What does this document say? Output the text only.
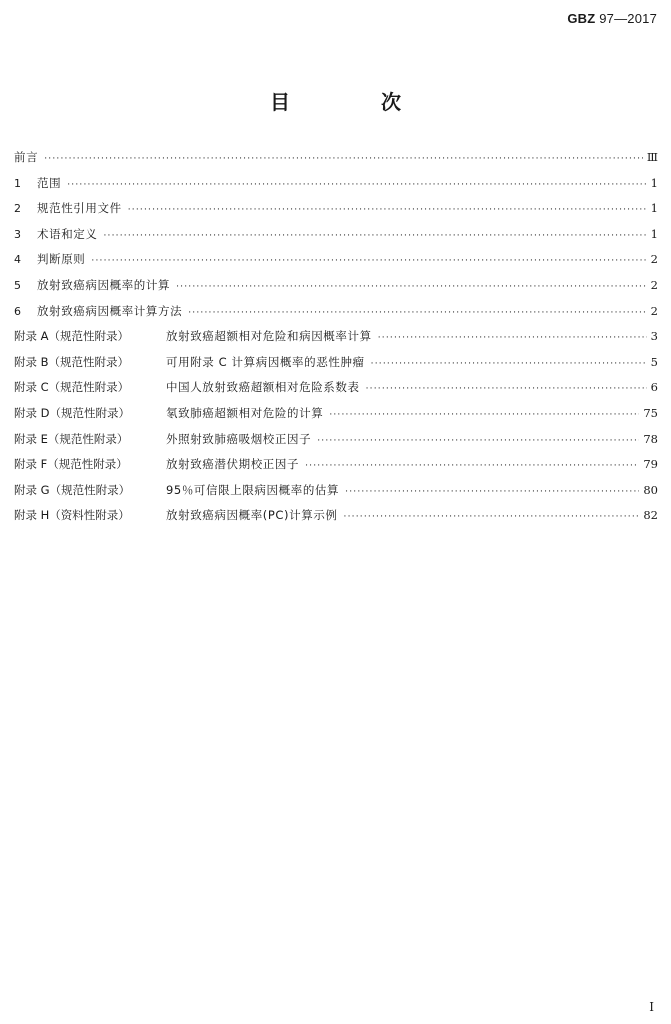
GBZ 97—2017
目 次
前言 ·····	Ⅲ
1	范围 ·····	1
2	规范性引用文件 ·····	1
3	术语和定义 ·····	1
4	判断原则 ·····	2
5	放射致癌病因概率的计算 ·····	2
6	放射致癌病因概率计算方法 ·····	2
附录 A（规范性附录）	放射致癌超额相对危险和病因概率计算 ·····	3
附录 B（规范性附录）	可用附录 C 计算病因概率的恶性肿瘤 ·····	5
附录 C（规范性附录）	中国人放射致癌超额相对危险系数表 ·····	6
附录 D（规范性附录）	氡致肺癌超额相对危险的计算 ·····	75
附录 E（规范性附录）	外照射致肺癌吸烟校正因子 ·····	78
附录 F（规范性附录）	放射致癌潜伏期校正因子 ·····	79
附录 G（规范性附录）	95％可信限上限病因概率的估算 ·····	80
附录 H（资料性附录）	放射致癌病因概率(PC)计算示例 ·····	82
I
